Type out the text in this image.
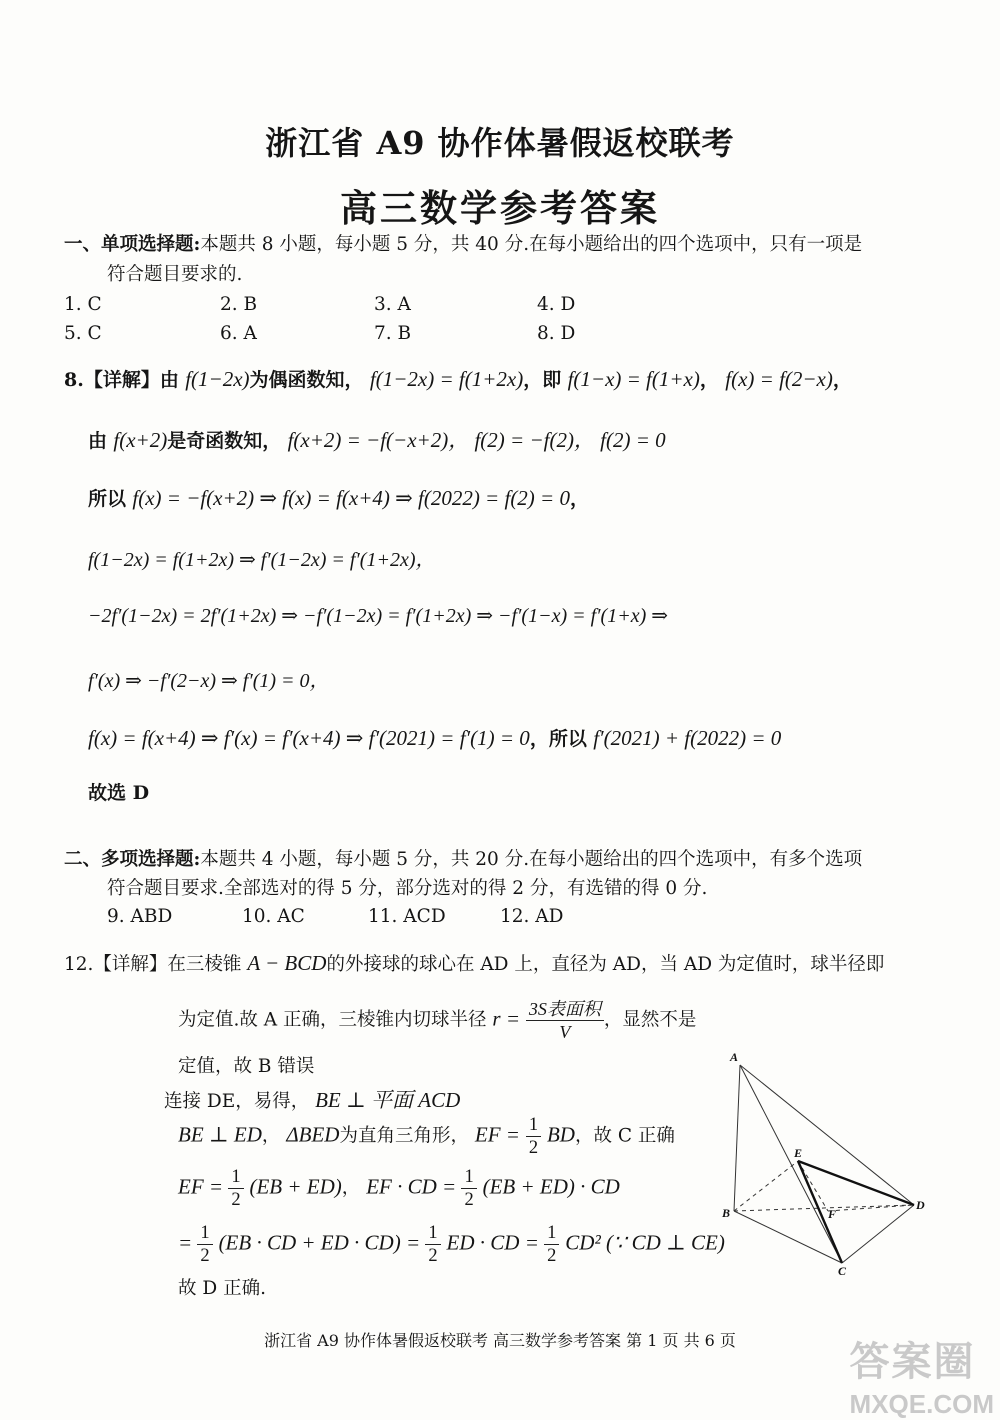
浙江省 A9 协作体暑假返校联考
高三数学参考答案
一、单项选择题:本题共 8 小题，每小题 5 分，共 40 分.在每小题给出的四个选项中，只有一项是
符合题目要求的.
1. C	2. B	3. A	4. D
5. C	6. A	7. B	8. D
8.【详解】由 f(1−2x)为偶函数知， f(1−2x) = f(1+2x)，即 f(1−x) = f(1+x)， f(x) = f(2−x)，
由 f(x+2)是奇函数知， f(x+2) = −f(−x+2)， f(2) = −f(2)， f(2) = 0
所以 f(x) = −f(x+2) ⇒ f(x) = f(x+4) ⇒ f(2022) = f(2) = 0，
f(1−2x) = f(1+2x) ⇒ f′(1−2x) = f′(1+2x)，
−2f′(1−2x) = 2f′(1+2x) ⇒ −f′(1−2x) = f′(1+2x) ⇒ −f′(1−x) = f′(1+x) ⇒
f′(x) ⇒ −f′(2−x) ⇒ f′(1) = 0，
f(x) = f(x+4) ⇒ f′(x) = f′(x+4) ⇒ f′(2021) = f′(1) = 0，所以 f′(2021) + f(2022) = 0
故选 D
二、多项选择题:本题共 4 小题，每小题 5 分，共 20 分.在每小题给出的四个选项中，有多个选项
符合题目要求.全部选对的得 5 分，部分选对的得 2 分，有选错的得 0 分.
9. ABD	10. AC	11. ACD	12. AD
12.【详解】在三棱锥 A − BCD的外接球的球心在 AD 上，直径为 AD，当 AD 为定值时，球半径即
为定值.故 A 正确，三棱锥内切球半径 $r = \frac{\text{3S表面积}}{V}$ ，显然不是
定值，故 B 错误
连接 DE，易得， BE ⊥ 平面 ACD
BE ⊥ ED， ΔBED为直角三角形， EF = $\frac{1}{2}$ BD，故 C 正确
EF = $\frac{1}{2} (EB + ED)$， EF · CD = $\frac{1}{2} (EB + ED)$ · CD
= $\frac{1}{2} (EB$ · CD + ED · $CD) = \frac{1}{2}$ ED · CD = $\frac{1}{2} CD^2$ (∵ CD ⊥ CE)
故 D 正确.
A
E
B	F
D
C
浙江省 A9 协作体暑假返校联考 高三数学参考答案 第 1 页 共 6 页	答案圈
MXQE.COM
